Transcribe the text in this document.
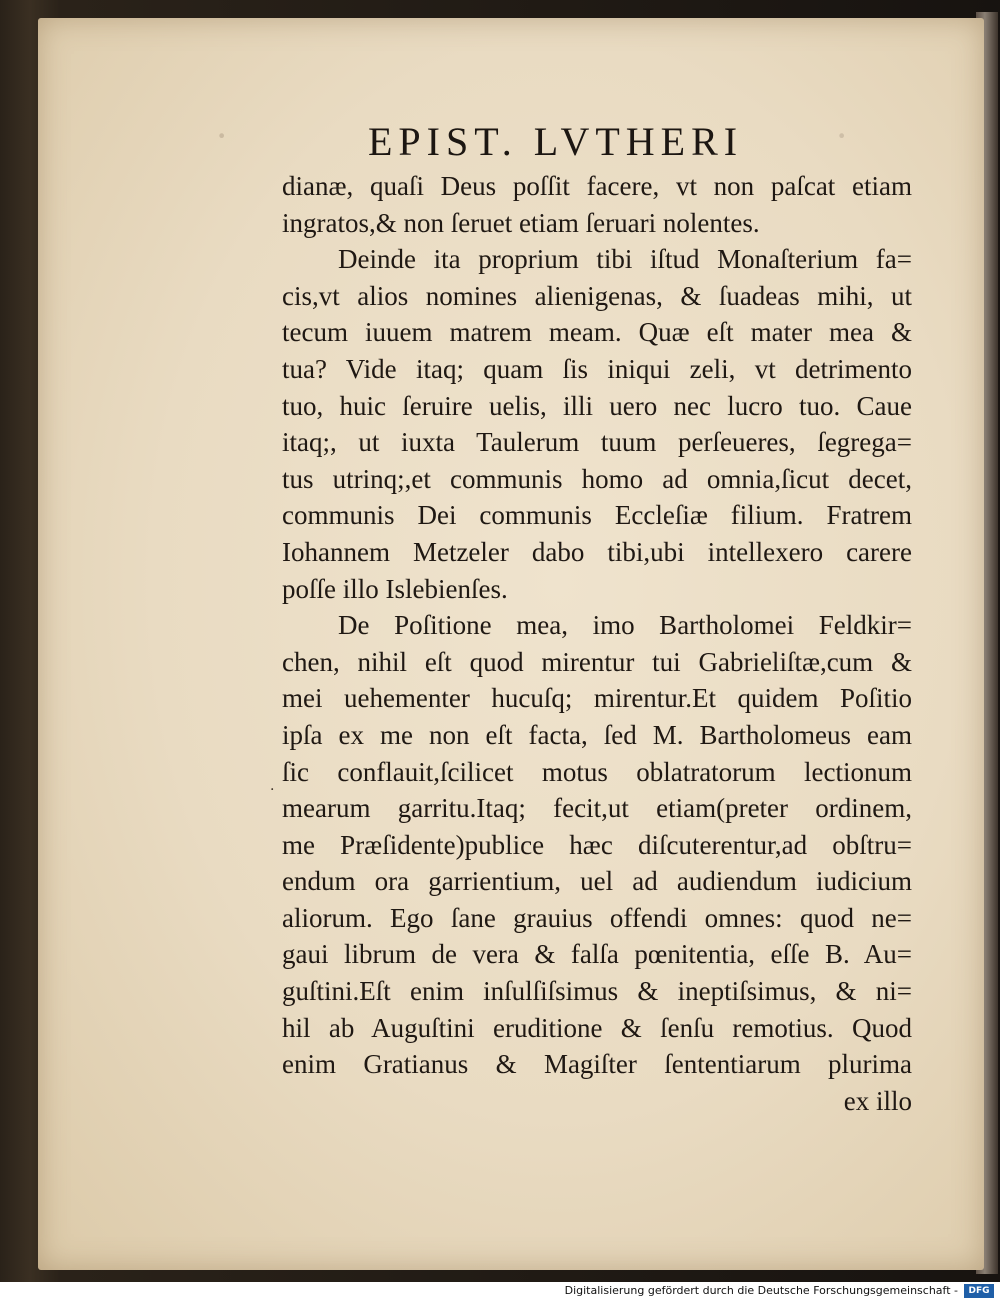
·	·
EPIST. LVTHERI
dianæ, quaſi Deus poſſit facere, vt non paſcat etiam
ingratos,& non ſeruet etiam ſeruari nolentes.
Deinde ita proprium tibi iſtud Monaſterium fa=
cis,vt alios nomines alienigenas, & ſuadeas mihi, ut
tecum iuuem matrem meam. Quæ eſt mater mea &
tua? Vide itaq; quam ſis iniqui zeli, vt detrimento
tuo, huic ſeruire uelis, illi uero nec lucro tuo. Caue
itaq;, ut iuxta Taulerum tuum perſeueres, ſegrega=
tus utrinq;,et communis homo ad omnia,ſicut decet,
communis Dei communis Eccleſiæ filium. Fratrem
Iohannem Metzeler dabo tibi,ubi intellexero carere
poſſe illo Islebienſes.
De Poſitione mea, imo Bartholomei Feldkir=
chen, nihil eſt quod mirentur tui Gabrieliſtæ,cum &
mei uehementer hucuſq; mirentur.Et quidem Poſitio
ipſa ex me non eſt facta, ſed M. Bartholomeus eam
ſic conflauit,ſcilicet motus oblatratorum lectionum
mearum garritu.Itaq; fecit,ut etiam(preter ordinem,
me Præſidente)publice hæc diſcuterentur,ad obſtru=
endum ora garrientium, uel ad audiendum iudicium
aliorum. Ego ſane grauius offendi omnes: quod ne=
gaui librum de vera & falſa pœnitentia, eſſe B. Au=
guſtini.Eſt enim inſulſiſsimus & ineptiſsimus, & ni=
hil ab Auguſtini eruditione & ſenſu remotius. Quod
enim Gratianus & Magiſter ſententiarum plurima
ex illo
·
Digitalisierung gefördert durch die Deutsche Forschungsgemeinschaft -	DFG
